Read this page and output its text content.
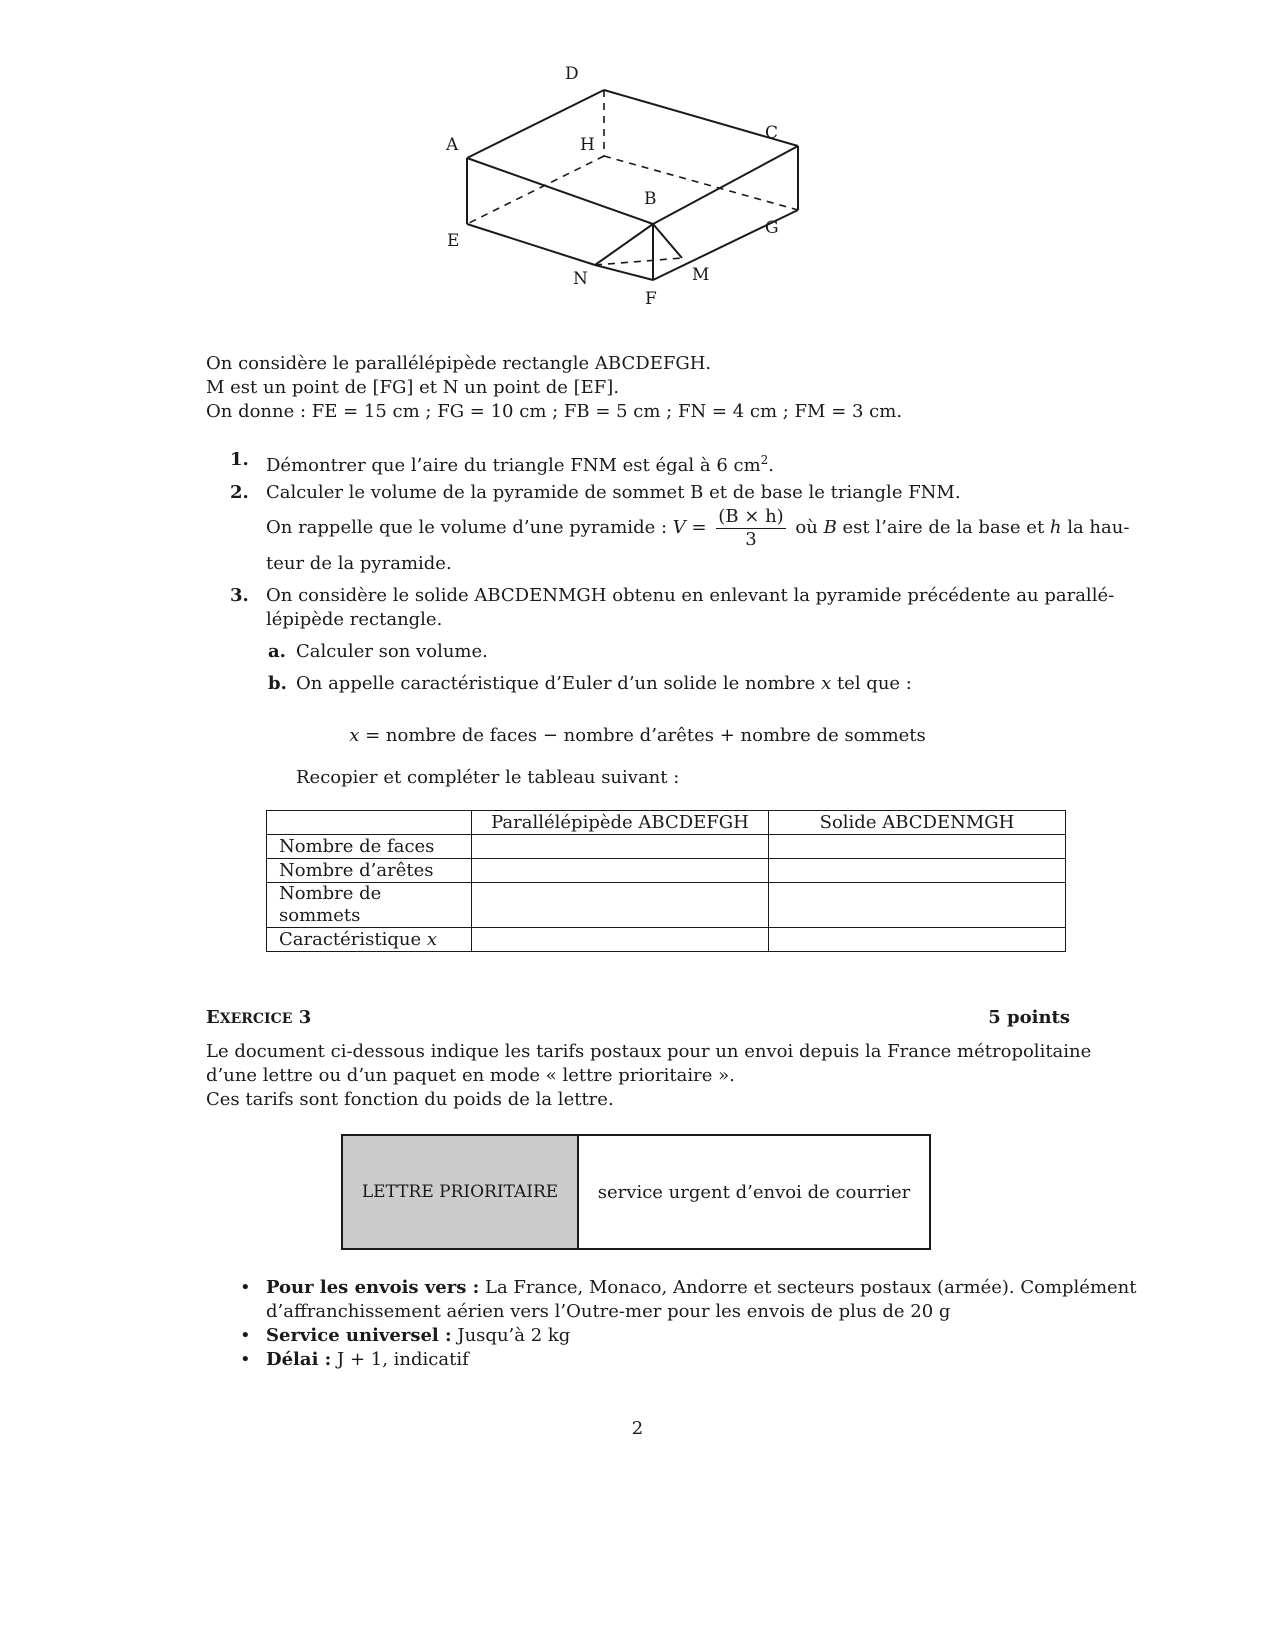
D
A	H
C
B
G
E
M
N
F
On considère le parallélépipède rectangle ABCDEFGH.
M est un point de [FG] et N un point de [EF].
On donne : FE = 15 cm ; FG = 10 cm ; FB = 5 cm ; FN = 4 cm ; FM = 3 cm.
1. Démontrer que l’aire du triangle FNM est égal à 6 $cm^2$.
2. Calculer le volume de la pyramide de sommet B et de base le triangle FNM.
On rappelle que le volume d’une pyramide : $V = \frac{(B \times h)}{3}$ où B est l’aire de la base et h la hau-
teur de la pyramide.
3. On considère le solide ABCDENMGH obtenu en enlevant la pyramide précédente au parallé-
lépipède rectangle.
a. Calculer son volume.
b. On appelle caractéristique d’Euler d’un solide le nombre x tel que :
x = nombre de faces − nombre d’arêtes + nombre de sommets
Recopier et compléter le tableau suivant :
	Parallélépipède ABCDEFGH	Solide ABCDENMGH
Nombre de faces		
Nombre d’arêtes		
Nombre de sommets		
Caractéristique x		
EXERCICE 3	5 points
Le document ci-dessous indique les tarifs postaux pour un envoi depuis la France métropolitaine
d’une lettre ou d’un paquet en mode « lettre prioritaire ».
Ces tarifs sont fonction du poids de la lettre.
LETTRE PRIORITAIRE	service urgent d’envoi de courrier
• Pour les envois vers : La France, Monaco, Andorre et secteurs postaux (armée). Complément
d’affranchissement aérien vers l’Outre-mer pour les envois de plus de 20 g
• Service universel : Jusqu’à 2 kg
• Délai : J + 1, indicatif
2
